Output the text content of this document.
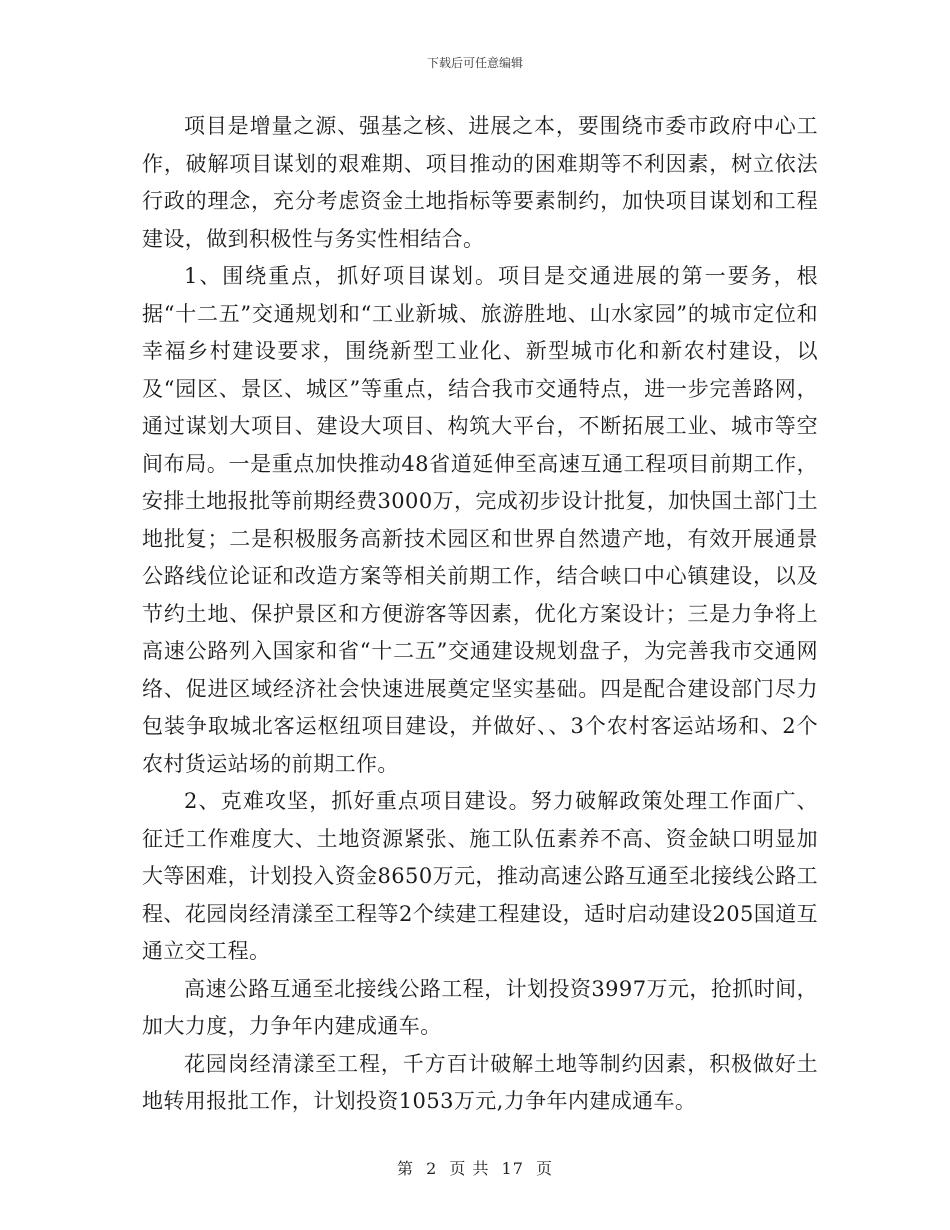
下载后可任意编辑

项目是增量之源、强基之核、进展之本，要围绕市委市政府中心工作，破解项目谋划的艰难期、项目推动的困难期等不利因素，树立依法行政的理念，充分考虑资金土地指标等要素制约，加快项目谋划和工程建设，做到积极性与务实性相结合。

1、围绕重点，抓好项目谋划。项目是交通进展的第一要务，根据“十二五”交通规划和“工业新城、旅游胜地、山水家园”的城市定位和幸福乡村建设要求，围绕新型工业化、新型城市化和新农村建设，以及“园区、景区、城区”等重点，结合我市交通特点，进一步完善路网，通过谋划大项目、建设大项目、构筑大平台，不断拓展工业、城市等空间布局。一是重点加快推动48省道延伸至高速互通工程项目前期工作，安排土地报批等前期经费3000万，完成初步设计批复，加快国土部门土地批复；二是积极服务高新技术园区和世界自然遗产地，有效开展通景公路线位论证和改造方案等相关前期工作，结合峡口中心镇建设，以及节约土地、保护景区和方便游客等因素，优化方案设计；三是力争将上高速公路列入国家和省“十二五”交通建设规划盘子，为完善我市交通网络、促进区域经济社会快速进展奠定坚实基础。四是配合建设部门尽力包装争取城北客运枢纽项目建设，并做好、、3个农村客运站场和、2个农村货运站场的前期工作。

2、克难攻坚，抓好重点项目建设。努力破解政策处理工作面广、征迁工作难度大、土地资源紧张、施工队伍素养不高、资金缺口明显加大等困难，计划投入资金8650万元，推动高速公路互通至北接线公路工程、花园岗经清漾至工程等2个续建工程建设，适时启动建设205国道互通立交工程。

高速公路互通至北接线公路工程，计划投资3997万元，抢抓时间，加大力度，力争年内建成通车。

花园岗经清漾至工程，千方百计破解土地等制约因素，积极做好土地转用报批工作，计划投资1053万元,力争年内建成通车。

第 2 页 共 17 页
